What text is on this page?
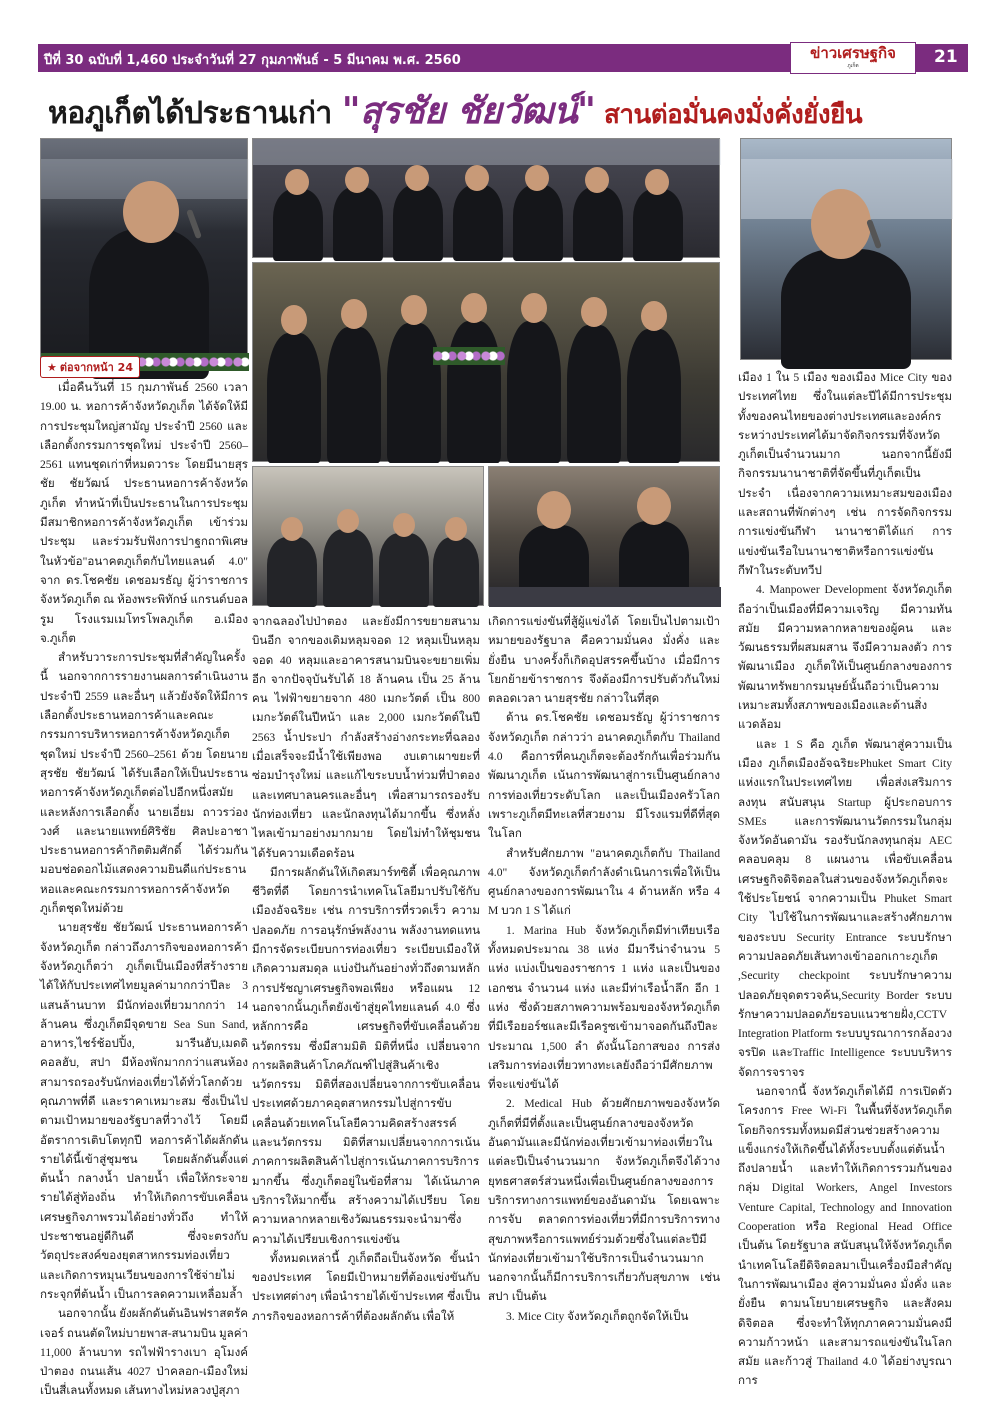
ปีที่ 30 ฉบับที่ 1,460 ประจำวันที่ 27 กุมภาพันธ์ - 5 มีนาคม พ.ศ. 2560	ข่าวเศรษฐกิจ
ภูเก็ต	21
หอภูเก็ตได้ประธานเก่า "สุรชัย ชัยวัฒน์" สานต่อมั่นคงมั่งคั่งยั่งยืน
★ ต่อจากหน้า 24

เมื่อคืนวันที่ 15 กุมภาพันธ์ 2560 เวลา 19.00 น. หอการค้าจังหวัดภูเก็ต ได้จัดให้มีการประชุมใหญ่สามัญ ประจำปี 2560 และเลือกตั้งกรรมการชุดใหม่ ประจำปี 2560–2561 แทนชุดเก่าที่หมดวาระ โดยมีนายสุรชัย ชัยวัฒน์ ประธานหอการค้าจังหวัดภูเก็ต ทำหน้าที่เป็นประธานในการประชุม มีสมาชิกหอการค้าจังหวัดภูเก็ต เข้าร่วมประชุม และร่วมรับฟังการปาฐกถาพิเศษ ในหัวข้อ"อนาคตภูเก็ตกับไทยแลนด์ 4.0" จาก ดร.โชคชัย เดชอมรธัญ ผู้ว่าราชการจังหวัดภูเก็ต ณ ห้องพระพิทักษ์ แกรนด์บอลรูม โรงแรมเมโทรโพลภูเก็ต อ.เมือง จ.ภูเก็ต

สำหรับวาระการประชุมที่สำคัญในครั้งนี้ นอกจากการรายงานผลการดำเนินงานประจำปี 2559 และอื่นๆ แล้วยังจัดให้มีการเลือกตั้งประธานหอการค้าและคณะกรรมการบริหารหอการค้าจังหวัดภูเก็ต ชุดใหม่ ประจำปี 2560–2561 ด้วย โดยนายสุรชัย ชัยวัฒน์ ได้รับเลือกให้เป็นประธานหอการค้าจังหวัดภูเก็ตต่อไปอีกหนึ่งสมัย และหลังการเลือกตั้ง นายเอี่ยม ถาวรว่องวงศ์ และนายแพทย์ศิริชัย ศิลปะอาชา ประธานหอการค้ากิตติมศักดิ์ ได้ร่วมกันมอบช่อดอกไม้แสดงความยินดีแก่ประธานหอและคณะกรรมการหอการค้าจังหวัดภูเก็ตชุดใหม่ด้วย

นายสุรชัย ชัยวัฒน์ ประธานหอการค้าจังหวัดภูเก็ต กล่าวถึงภารกิจของหอการค้าจังหวัดภูเก็ตว่า ภูเก็ตเป็นเมืองที่สร้างรายได้ให้กับประเทศไทยมูลค่ามากกว่าปีละ 3 แสนล้านบาท มีนักท่องเที่ยวมากกว่า 14 ล้านคน ซึ่งภูเก็ตมีจุดขาย Sea Sun Sand, อาหาร,ไชร์ช้อปปิ้ง, มารีนฮับ,เมดดิคอลฮับ, สปา มีห้องพักมากกว่าแสนห้อง สามารถรองรับนักท่องเที่ยวได้ทั่วโลกด้วยคุณภาพที่ดี และราคาเหมาะสม ซึ่งเป็นไปตามเป้าหมายของรัฐบาลที่วางไว้ โดยมีอัตราการเติบโตทุกปี หอการค้าได้ผลักดันรายได้นี้เข้าสู่ชุมชน โดยผลักดันตั้งแต่ ต้นน้ำ กลางน้ำ ปลายน้ำ เพื่อให้กระจายรายได้สู่ท้องถิ่น ทำให้เกิดการขับเคลื่อนเศรษฐกิจภาพรวมได้อย่างทั่วถึง ทำให้ประชาชนอยู่ดีกินดี ซึ่งจะตรงกับวัตถุประสงค์ของยุตสาหกรรมท่องเที่ยว และเกิดการหมุนเวียนของการใช้จ่ายไม่กระจุกที่ต้นน้ำ เป็นการลดความเหลื่อมล้ำ

นอกจากนั้น ยังผลักดันต้นอินฟราสตรัคเจอร์ ถนนตัดใหม่บายพาส-สนามบิน มูลค่า 11,000 ล้านบาท รถไฟฟ้ารางเบา อุโมงค์ป่าตอง ถนนเส้น 4027 ป่าคลอก-เมืองใหม่ เป็นสี่เลนทั้งหมด เส้นทางไหม่หลวงปู่สุภา

จากฉลองไปป่าตอง และยังมีการขยายสนามบินอีก จากของเดิมหลุมจอด 12 หลุมเป็นหลุมจอด 40 หลุมและอาคารสนามบินจะขยายเพิ่มอีก จากปัจจุบันรับได้ 18 ล้านคน เป็น 25 ล้านคน ไฟฟ้าขยายจาก 480 เมกะวัตต์ เป็น 800 เมกะวัตต์ในปีหน้า และ 2,000 เมกะวัตต์ในปี 2563 น้ำประปา กำลังสร้างอ่างกระทะที่ฉลอง เมื่อเสร็จจะมีน้ำใช้เพียงพอ งบเตาเผาขยะที่ซ่อมบำรุงใหม่ และแก้ไขระบบน้ำท่วมที่ป่าตองและเทศบาลนครและอื่นๆ เพื่อสามารถรองรับนักท่องเที่ยว และนักลงทุนได้มากขึ้น ซึ่งหลั่งไหลเข้ามาอย่างมากมาย โดยไม่ทำให้ชุมชนได้รับความเดือดร้อน

มีการผลักดันให้เกิดสมาร์ทซิตี้ เพื่อคุณภาพชีวิตที่ดี โดยการนำเทคโนโลยีมาปรับใช้กับเมืองอัจฉริยะ เช่น การบริการที่รวดเร็ว ความปลอดภัย การอนุรักษ์พลังงาน พลังงานทดแทน มีการจัดระเบียบการท่องเที่ยว ระเบียบเมืองให้เกิดความสมดุล แบ่งปันกันอย่างทั่วถึงตามหลักการปรัชญาเศรษฐกิจพอเพียง หรือแผน 12 นอกจากนั้นภูเก็ตยังเข้าสู่ยุคไทยแลนด์ 4.0 ซึ่งหลักการคือ เศรษฐกิจที่ขับเคลื่อนด้วยนวัตกรรม ซึ่งมีสามมิติ มิติที่หนึ่ง เปลี่ยนจากการผลิตสินค้าโภคภัณฑ์ไปสู่สินค้าเชิงนวัตกรรม มิติที่สองเปลี่ยนจากการขับเคลื่อนประเทศด้วยภาคอุตสาหกรรมไปสู่การขับเคลื่อนด้วยเทคโนโลยีความคิดสร้างสรรค์ และนวัตกรรม มิติที่สามเปลี่ยนจากการเน้นภาคการผลิตสินค้าไปสู่การเน้นภาคการบริการมากขึ้น ซึ่งภูเก็ตอยู่ในข้อที่สาม ได้เน้นภาคบริการให้มากขึ้น สร้างความได้เปรียบ โดยความหลากหลายเชิงวัฒนธรรมจะนำมาซึ่งความได้เปรียบเชิงการแข่งขัน

ทั้งหมดเหล่านี้ ภูเก็ตถือเป็นจังหวัด ขั้นนำของประเทศ โดยมีเป้าหมายที่ต้องแข่งขันกับประเทศต่างๆ เพื่อนำรายได้เข้าประเทศ ซึ่งเป็นภารกิจของหอการค้าที่ต้องผลักดัน เพื่อให้

เกิดการแข่งขันที่สู้ผู้แข่งได้ โดยเป็นไปตามเป้าหมายของรัฐบาล คือความมั่นคง มั่งคั่ง และยั่งยืน บางครั้งก็เกิดอุปสรรคขึ้นบ้าง เมื่อมีการโยกย้ายข้าราชการ จึงต้องมีการปรับตัวกันใหม่ตลอดเวลา นายสุรชัย กล่าวในที่สุด

ด้าน ดร.โชคชัย เดชอมรธัญ ผู้ว่าราชการจังหวัดภูเก็ต กล่าวว่า อนาคตภูเก็ตกับ Thailand 4.0 คือการที่คนภูเก็ตจะต้องรักกันเพื่อร่วมกันพัฒนาภูเก็ต เน้นการพัฒนาสู่การเป็นศูนย์กลางการท่องเที่ยวระดับโลก และเป็นเมืองครัวโลกเพราะภูเก็ตมีทะเลที่สวยงาม มีโรงแรมที่ดีที่สุดในโลก

สำหรับศักยภาพ "อนาคตภูเก็ตกับ Thailand 4.0" จังหวัดภูเก็ตกำลังดำเนินการเพื่อให้เป็นศูนย์กลางของการพัฒนาใน 4 ด้านหลัก หรือ 4 M บวก 1 S ได้แก่

1. Marina Hub จังหวัดภูเก็ตมีท่าเทียบเรือทั้งหมดประมาณ 38 แห่ง มีมารีน่าจำนวน 5 แห่ง แบ่งเป็นของราชการ 1 แห่ง และเป็นของเอกชน จำนวน4 แห่ง และมีท่าเรือน้ำลึก อีก 1 แห่ง ซึ่งด้วยสภาพความพร้อมของจังหวัดภูเก็ตที่มีเรือยอร์ชและมีเรือครูซเข้ามาจอดกันถึงปีละ ประมาณ 1,500 ลำ ดังนั้นโอกาสของ การส่งเสริมการท่องเที่ยวทางทะเลยังถือว่ามีศักยภาพที่จะแข่งขันได้

2. Medical Hub ด้วยศักยภาพของจังหวัดภูเก็ตที่มีที่ตั้งและเป็นศูนย์กลางของจังหวัดอันดามันและมีนักท่องเที่ยวเข้ามาท่องเที่ยวในแต่ละปีเป็นจำนวนมาก จังหวัดภูเก็ตจึงได้วางยุทธศาสตร์ส่วนหนึ่งเพื่อเป็นศูนย์กลางของการบริการทางการแพทย์ของอันดามัน โดยเฉพาะการจับ ตลาดการท่องเที่ยวที่มีการบริการทางสุขภาพหรือการแพทย์ร่วมด้วยซึ่งในแต่ละปีมีนักท่องเที่ยวเข้ามาใช้บริการเป็นจำนวนมาก นอกจากนั้นก็มีการบริการเกี่ยวกับสุขภาพ เช่น สปา เป็นต้น

3. Mice City จังหวัดภูเก็ตถูกจัดให้เป็น

เมือง 1 ใน 5 เมือง ของเมือง Mice City ของประเทศไทย ซึ่งในแต่ละปีได้มีการประชุมทั้งของคนไทยของต่างประเทศและองค์กรระหว่างประเทศได้มาจัดกิจกรรมที่จังหวัดภูเก็ตเป็นจำนวนมาก นอกจากนี้ยังมีกิจกรรมนานาชาติที่จัดขึ้นที่ภูเก็ตเป็น ประจำ เนื่องจากความเหมาะสมของเมือง และสถานที่พักต่างๆ เช่น การจัดกิจกรรมการแข่งขันกีฬา นานาชาติได้แก่ การแข่งขันเรือใบนานาชาติหรือการแข่งขันกีฬาในระดับทวีป

4. Manpower Development จังหวัดภูเก็ตถือว่าเป็นเมืองที่มีความเจริญ มีความทันสมัย มีความหลากหลายของผู้คน และวัฒนธรรมที่ผสมผสาน จึงมีความลงตัว การพัฒนาเมือง ภูเก็ตให้เป็นศูนย์กลางของการพัฒนาทรัพยากรมนุษย์นั้นถือว่าเป็นความเหมาะสมทั้งสภาพของเมืองและด้านสิ่งแวดล้อม

และ 1 S คือ ภูเก็ต พัฒนาสู่ความเป็นเมือง ภูเก็ตเมืองอัจฉริยะPhuket Smart City แห่งแรกในประเทศไทย เพื่อส่งเสริมการลงทุน สนับสนุน Startup ผู้ประกอบการ SMEs และการพัฒนานวัตกรรมในกลุ่มจังหวัดอันดามัน รองรับนักลงทุนกลุ่ม AEC คลอบคลุม 8 แผนงาน เพื่อขับเคลื่อนเศรษฐกิจดิจิตอลในส่วนของจังหวัดภูเก็ตจะใช้ประโยชน์ จากความเป็น Phuket Smart City ไปใช้ในการพัฒนาและสร้างศักยภาพของระบบ Security Entrance ระบบรักษาความปลอดภัยเส้นทางเข้าออกเกาะภูเก็ต ,Security checkpoint ระบบรักษาความปลอดภัยจุดตรวจค้น,Security Border ระบบรักษาความปลอดภัยรอบแนวชายฝั่ง,CCTV Integration Platform ระบบบูรณาการกล้องวงจรปิด และTraffic Intelligence ระบบบริหารจัดการจราจร

นอกจากนี้ จังหวัดภูเก็ตได้มี การเปิดตัวโครงการ Free Wi-Fi ในพื้นที่จังหวัดภูเก็ต โดยกิจกรรมทั้งหมดมีส่วนช่วยสร้างความแข็งแกร่งให้เกิดขึ้นได้ทั้งระบบตั้งแต่ต้นน้ำถึงปลายน้ำ และทำให้เกิดการรวมกันของกลุ่ม Digital Workers, Angel Investors Venture Capital, Technology and Innovation Cooperation หรือ Regional Head Office เป็นต้น โดยรัฐบาล สนับสนุนให้จังหวัดภูเก็ตนำเทคโนโลยีดิจิตอลมาเป็นเครื่องมือสำคัญในการพัฒนาเมือง สู่ความมั่นคง มั่งคั่ง และยั่งยืน ตามนโยบายเศรษฐกิจ และสังคมดิจิตอล ซึ่งจะทำให้ทุกภาคความมั่นคงมีความก้าวหน้า และสามารถแข่งขันในโลกสมัย และก้าวสู่ Thailand 4.0 ได้อย่างบูรณาการ
